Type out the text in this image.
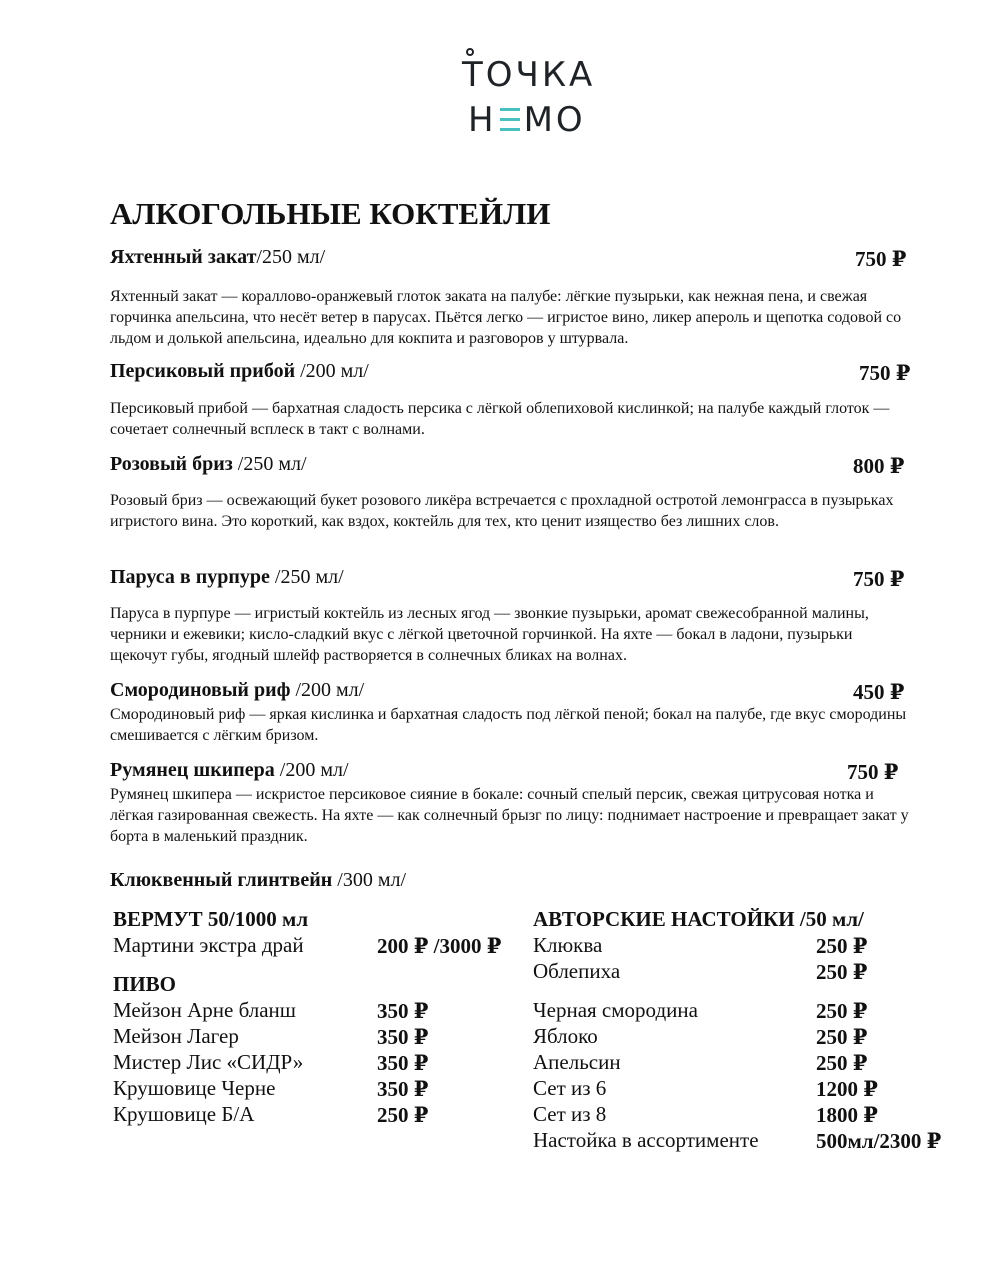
ТОЧКА
Н МО
АЛКОГОЛЬНЫЕ КОКТЕЙЛИ
Яхтенный закат/250 мл/	750 ₽
Яхтенный закат — кораллово-оранжевый глоток заката на палубе: лёгкие пузырьки, как нежная пена, и свежая горчинка апельсина, что несёт ветер в парусах. Пьётся легко — игристое вино, ликер апероль и щепотка содовой со льдом и долькой апельсина, идеально для кокпита и разговоров у штурвала.
Персиковый прибой /200 мл/	750 ₽
Персиковый прибой — бархатная сладость персика с лёгкой облепиховой кислинкой; на палубе каждый глоток — сочетает солнечный всплеск в такт с волнами.
Розовый бриз /250 мл/	800 ₽
Розовый бриз — освежающий букет розового ликёра встречается с прохладной остротой лемонграсса в пузырьках игристого вина. Это короткий, как вздох, коктейль для тех, кто ценит изящество без лишних слов.
Паруса в пурпуре /250 мл/	750 ₽
Паруса в пурпуре — игристый коктейль из лесных ягод — звонкие пузырьки, аромат свежесобранной малины, черники и ежевики; кисло-сладкий вкус с лёгкой цветочной горчинкой. На яхте — бокал в ладони, пузырьки щекочут губы, ягодный шлейф растворяется в солнечных бликах на волнах.
Смородиновый риф /200 мл/	450 ₽
Смородиновый риф — яркая кислинка и бархатная сладость под лёгкой пеной; бокал на палубе, где вкус смородины смешивается с лёгким бризом.
Румянец шкипера /200 мл/	750 ₽
Румянец шкипера — искристое персиковое сияние в бокале: сочный спелый персик, свежая цитрусовая нотка и лёгкая газированная свежесть. На яхте — как солнечный брызг по лицу: поднимает настроение и превращает закат у борта в маленький праздник.
Клюквенный глинтвейн /300 мл/
ВЕРМУТ 50/1000 мл
Мартини экстра драй	200 ₽ /3000 ₽
ПИВО
Мейзон Арне бланш	350 ₽
Мейзон Лагер	350 ₽
Мистер Лис «СИДР»	350 ₽
Крушовице Черне	350 ₽
Крушовице Б/А	250 ₽
АВТОРСКИЕ НАСТОЙКИ /50 мл/
Клюква	250 ₽
Облепиха	250 ₽
Черная смородина	250 ₽
Яблоко	250 ₽
Апельсин	250 ₽
Сет из 6	1200 ₽
Сет из 8	1800 ₽
Настойка в ассортименте	500мл/2300 ₽
